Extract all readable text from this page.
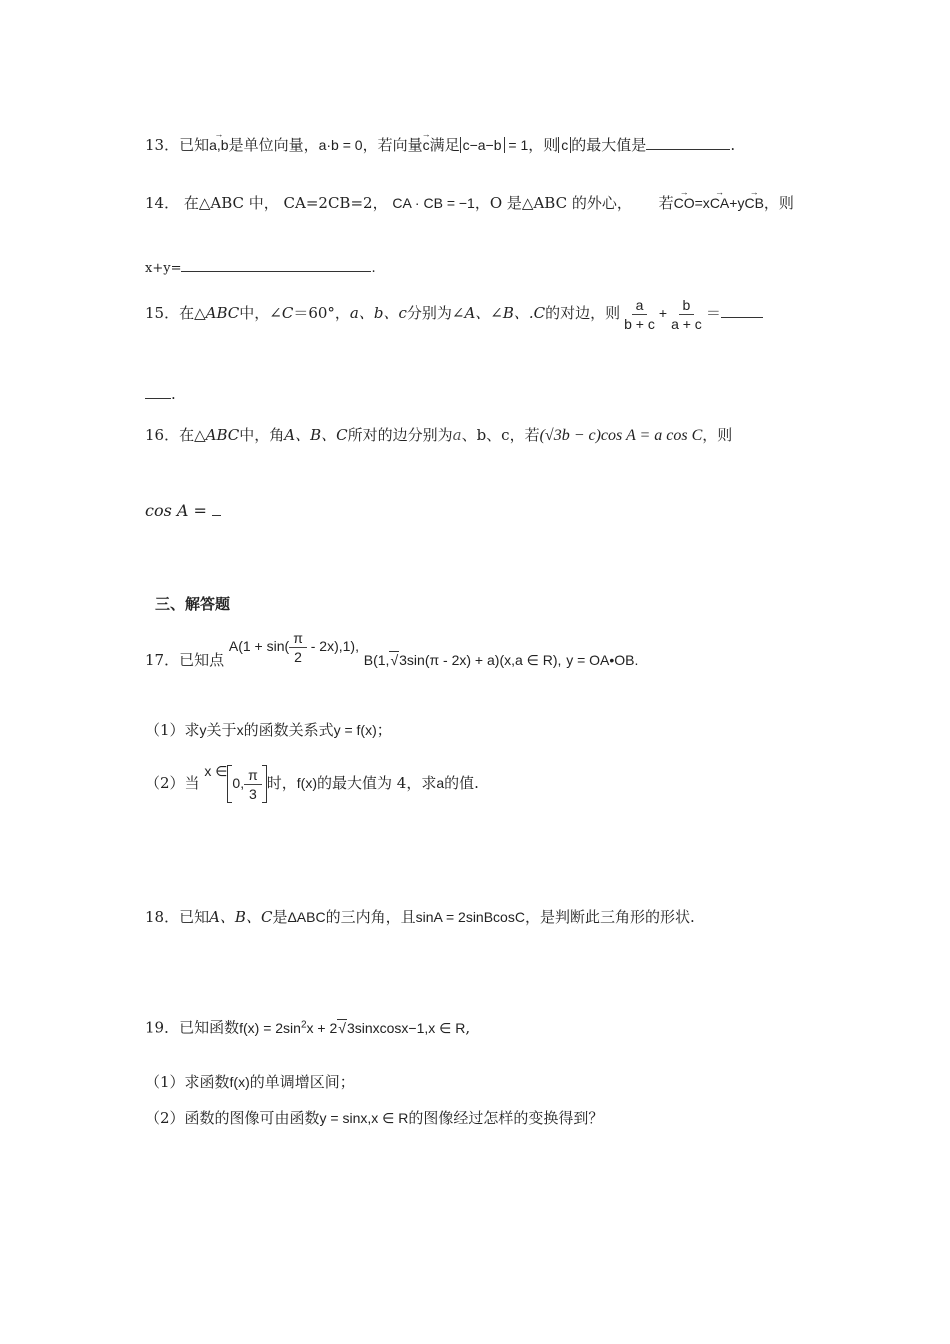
13．已知→ a,b是单位向量，a·b = 0，若向量→ c满足 c−a−b = 1，则 c 的最大值是	.
14． 在△ABC 中， CA=2CB=2， CA · CB = −1，O 是△ABC 的外心， 若→ CO=x→ CA+y→ CB，则
x+y=	.
15．在△ABC中，∠C＝60°，a、b、c分别为∠A、∠B、.C的对边，则 $\frac{a}{b + c} + \frac{b}{a + c}$ ＝
.
16．在△ABC中，角A、B、C所对的边分别为a、b、c，若(√3b − c)cos A = a cos C，则
cos A =
三、解答题
17．已知点 $A(1 + \sin( \frac{\pi}{2} - 2x),1)$, B(1,√3sin(π - 2x) + a)(x,a ∈ R), y = OA•OB.
（1）求y关于x的函数关系式y = f(x)；
（2）当 x ∈0, $\frac{\pi}{3}$ 时，f(x)的最大值为 4，求a的值.
18．已知A、B、C是ΔABC的三内角，且sinA = 2sinBcosC，是判断此三角形的形状.
19．已知函数$f(x) = 2\sin^2x$ + 2√3sinxcosx−1,x ∈ R,
（1）求函数f(x)的单调增区间；
（2）函数的图像可由函数y = sinx,x ∈ R的图像经过怎样的变换得到？
